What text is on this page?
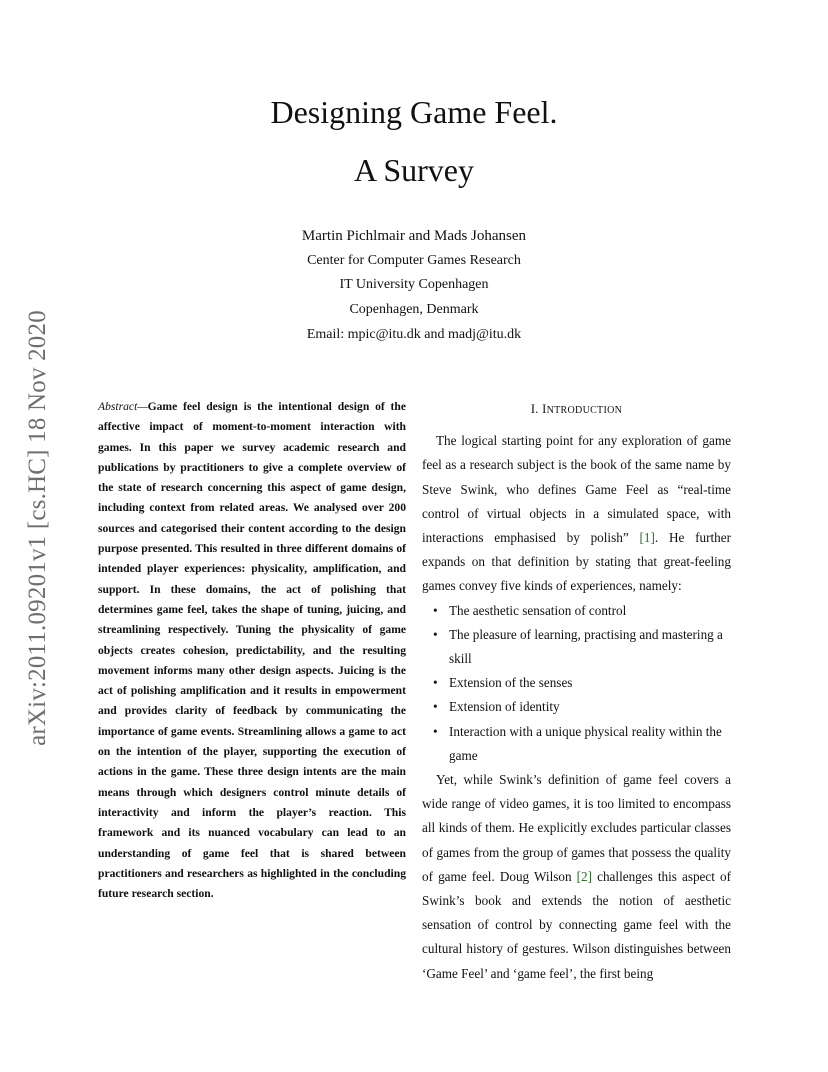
arXiv:2011.09201v1 [cs.HC] 18 Nov 2020
Designing Game Feel.
A Survey
Martin Pichlmair and Mads Johansen
Center for Computer Games Research
IT University Copenhagen
Copenhagen, Denmark
Email: mpic@itu.dk and madj@itu.dk
Abstract—Game feel design is the intentional design of the affective impact of moment-to-moment interaction with games. In this paper we survey academic research and publications by practitioners to give a complete overview of the state of research concerning this aspect of game design, including context from related areas. We analysed over 200 sources and categorised their content according to the design purpose presented. This resulted in three different domains of intended player experiences: physicality, amplification, and support. In these domains, the act of polishing that determines game feel, takes the shape of tuning, juicing, and streamlining respectively. Tuning the physicality of game objects creates cohesion, predictability, and the resulting movement informs many other design aspects. Juicing is the act of polishing amplification and it results in empowerment and provides clarity of feedback by communicating the importance of game events. Streamlining allows a game to act on the intention of the player, supporting the execution of actions in the game. These three design intents are the main means through which designers control minute details of interactivity and inform the player’s reaction. This framework and its nuanced vocabulary can lead to an understanding of game feel that is shared between practitioners and researchers as highlighted in the concluding future research section.

I. INTRODUCTION

The logical starting point for any exploration of game feel as a research subject is the book of the same name by Steve Swink, who defines Game Feel as “real-time control of virtual objects in a simulated space, with interactions emphasised by polish” [1]. He further expands on that definition by stating that great-feeling games convey five kinds of experiences, namely:

• The aesthetic sensation of control
• The pleasure of learning, practising and mastering a skill
• Extension of the senses
• Extension of identity
• Interaction with a unique physical reality within the game

Yet, while Swink’s definition of game feel covers a wide range of video games, it is too limited to encompass all kinds of them. He explicitly excludes particular classes of games from the group of games that possess the quality of game feel. Doug Wilson [2] challenges this aspect of Swink’s book and extends the notion of aesthetic sensation of control by connecting game feel with the cultural history of gestures. Wilson distinguishes between ‘Game Feel’ and ‘game feel’, the first being
